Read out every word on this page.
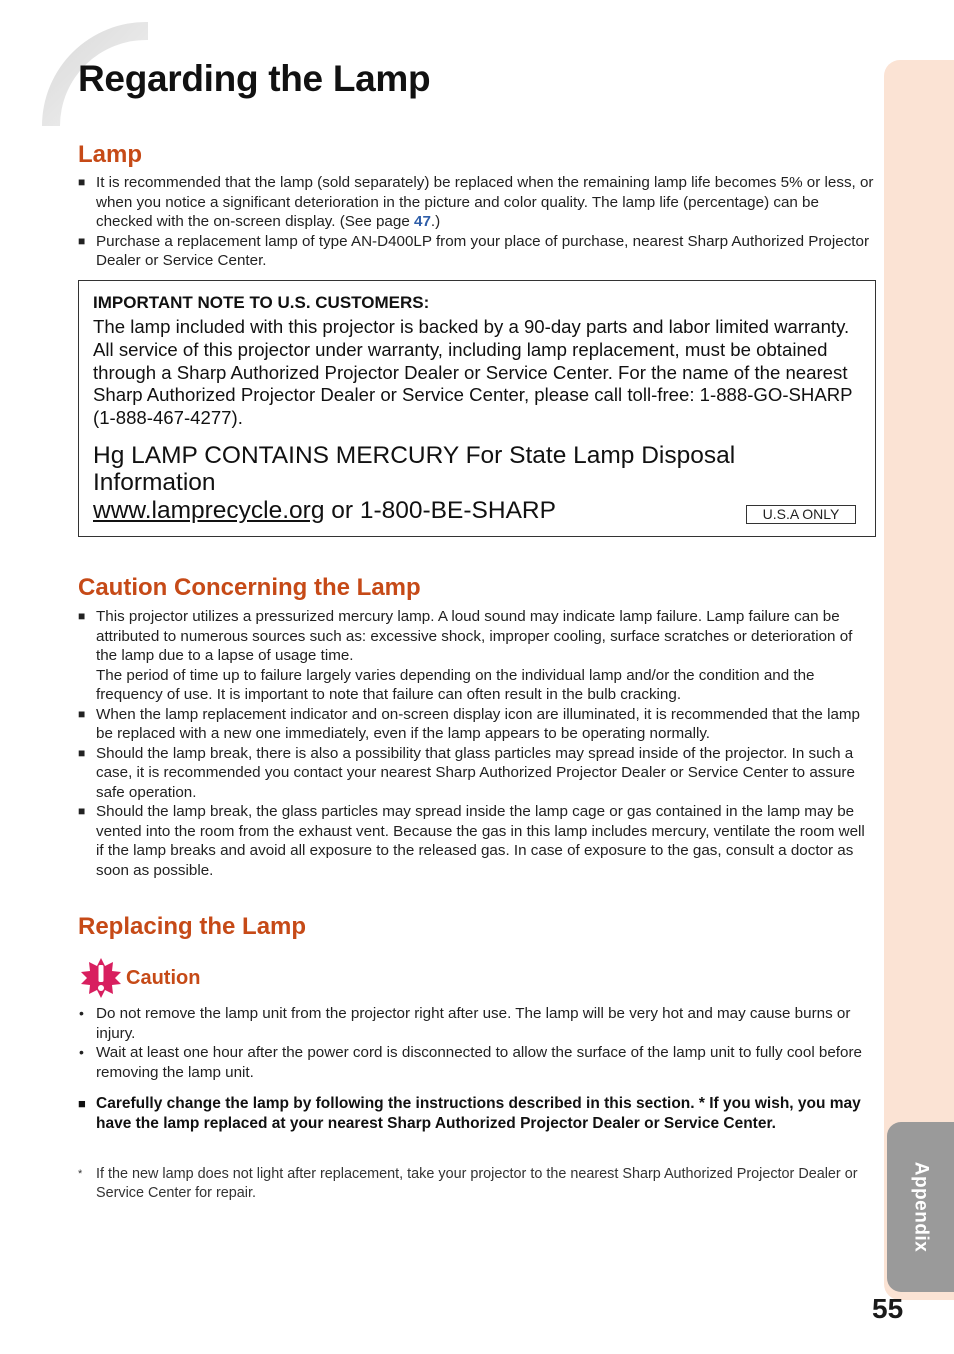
Regarding the Lamp
Appendix
55
Lamp
■ It is recommended that the lamp (sold separately) be replaced when the remaining lamp life becomes 5% or less, or when you notice a significant deterioration in the picture and color quality. The lamp life (percentage) can be checked with the on-screen display. (See page 47.)
■ Purchase a replacement lamp of type AN-D400LP from your place of purchase, nearest Sharp Authorized Projector Dealer or Service Center.

IMPORTANT NOTE TO U.S. CUSTOMERS:

The lamp included with this projector is backed by a 90-day parts and labor limited warranty. All service of this projector under warranty, including lamp replacement, must be obtained through a Sharp Authorized Projector Dealer or Service Center. For the name of the nearest Sharp Authorized Projector Dealer or Service Center, please call toll-free: 1-888-GO-SHARP (1-888-467-4277).

Hg LAMP CONTAINS MERCURY For State Lamp Disposal Information

www.lamprecycle.org or 1-800-BE-SHARP	U.S.A ONLY
Caution Concerning the Lamp
■ This projector utilizes a pressurized mercury lamp. A loud sound may indicate lamp failure. Lamp failure can be attributed to numerous sources such as: excessive shock, improper cooling, surface scratches or deterioration of the lamp due to a lapse of usage time.
The period of time up to failure largely varies depending on the individual lamp and/or the condition and the frequency of use. It is important to note that failure can often result in the bulb cracking.
■ When the lamp replacement indicator and on-screen display icon are illuminated, it is recommended that the lamp be replaced with a new one immediately, even if the lamp appears to be operating normally.
■ Should the lamp break, there is also a possibility that glass particles may spread inside of the projector. In such a case, it is recommended you contact your nearest Sharp Authorized Projector Dealer or Service Center to assure safe operation.
■ Should the lamp break, the glass particles may spread inside the lamp cage or gas contained in the lamp may be vented into the room from the exhaust vent. Because the gas in this lamp includes mercury, ventilate the room well if the lamp breaks and avoid all exposure to the released gas. In case of exposure to the gas, consult a doctor as soon as possible.
Replacing the Lamp
Caution
• Do not remove the lamp unit from the projector right after use. The lamp will be very hot and may cause burns or injury.
• Wait at least one hour after the power cord is disconnected to allow the surface of the lamp unit to fully cool before removing the lamp unit.

■ Carefully change the lamp by following the instructions described in this section. * If you wish, you may have the lamp replaced at your nearest Sharp Authorized Projector Dealer or Service Center.

* If the new lamp does not light after replacement, take your projector to the nearest Sharp Authorized Projector Dealer or Service Center for repair.
